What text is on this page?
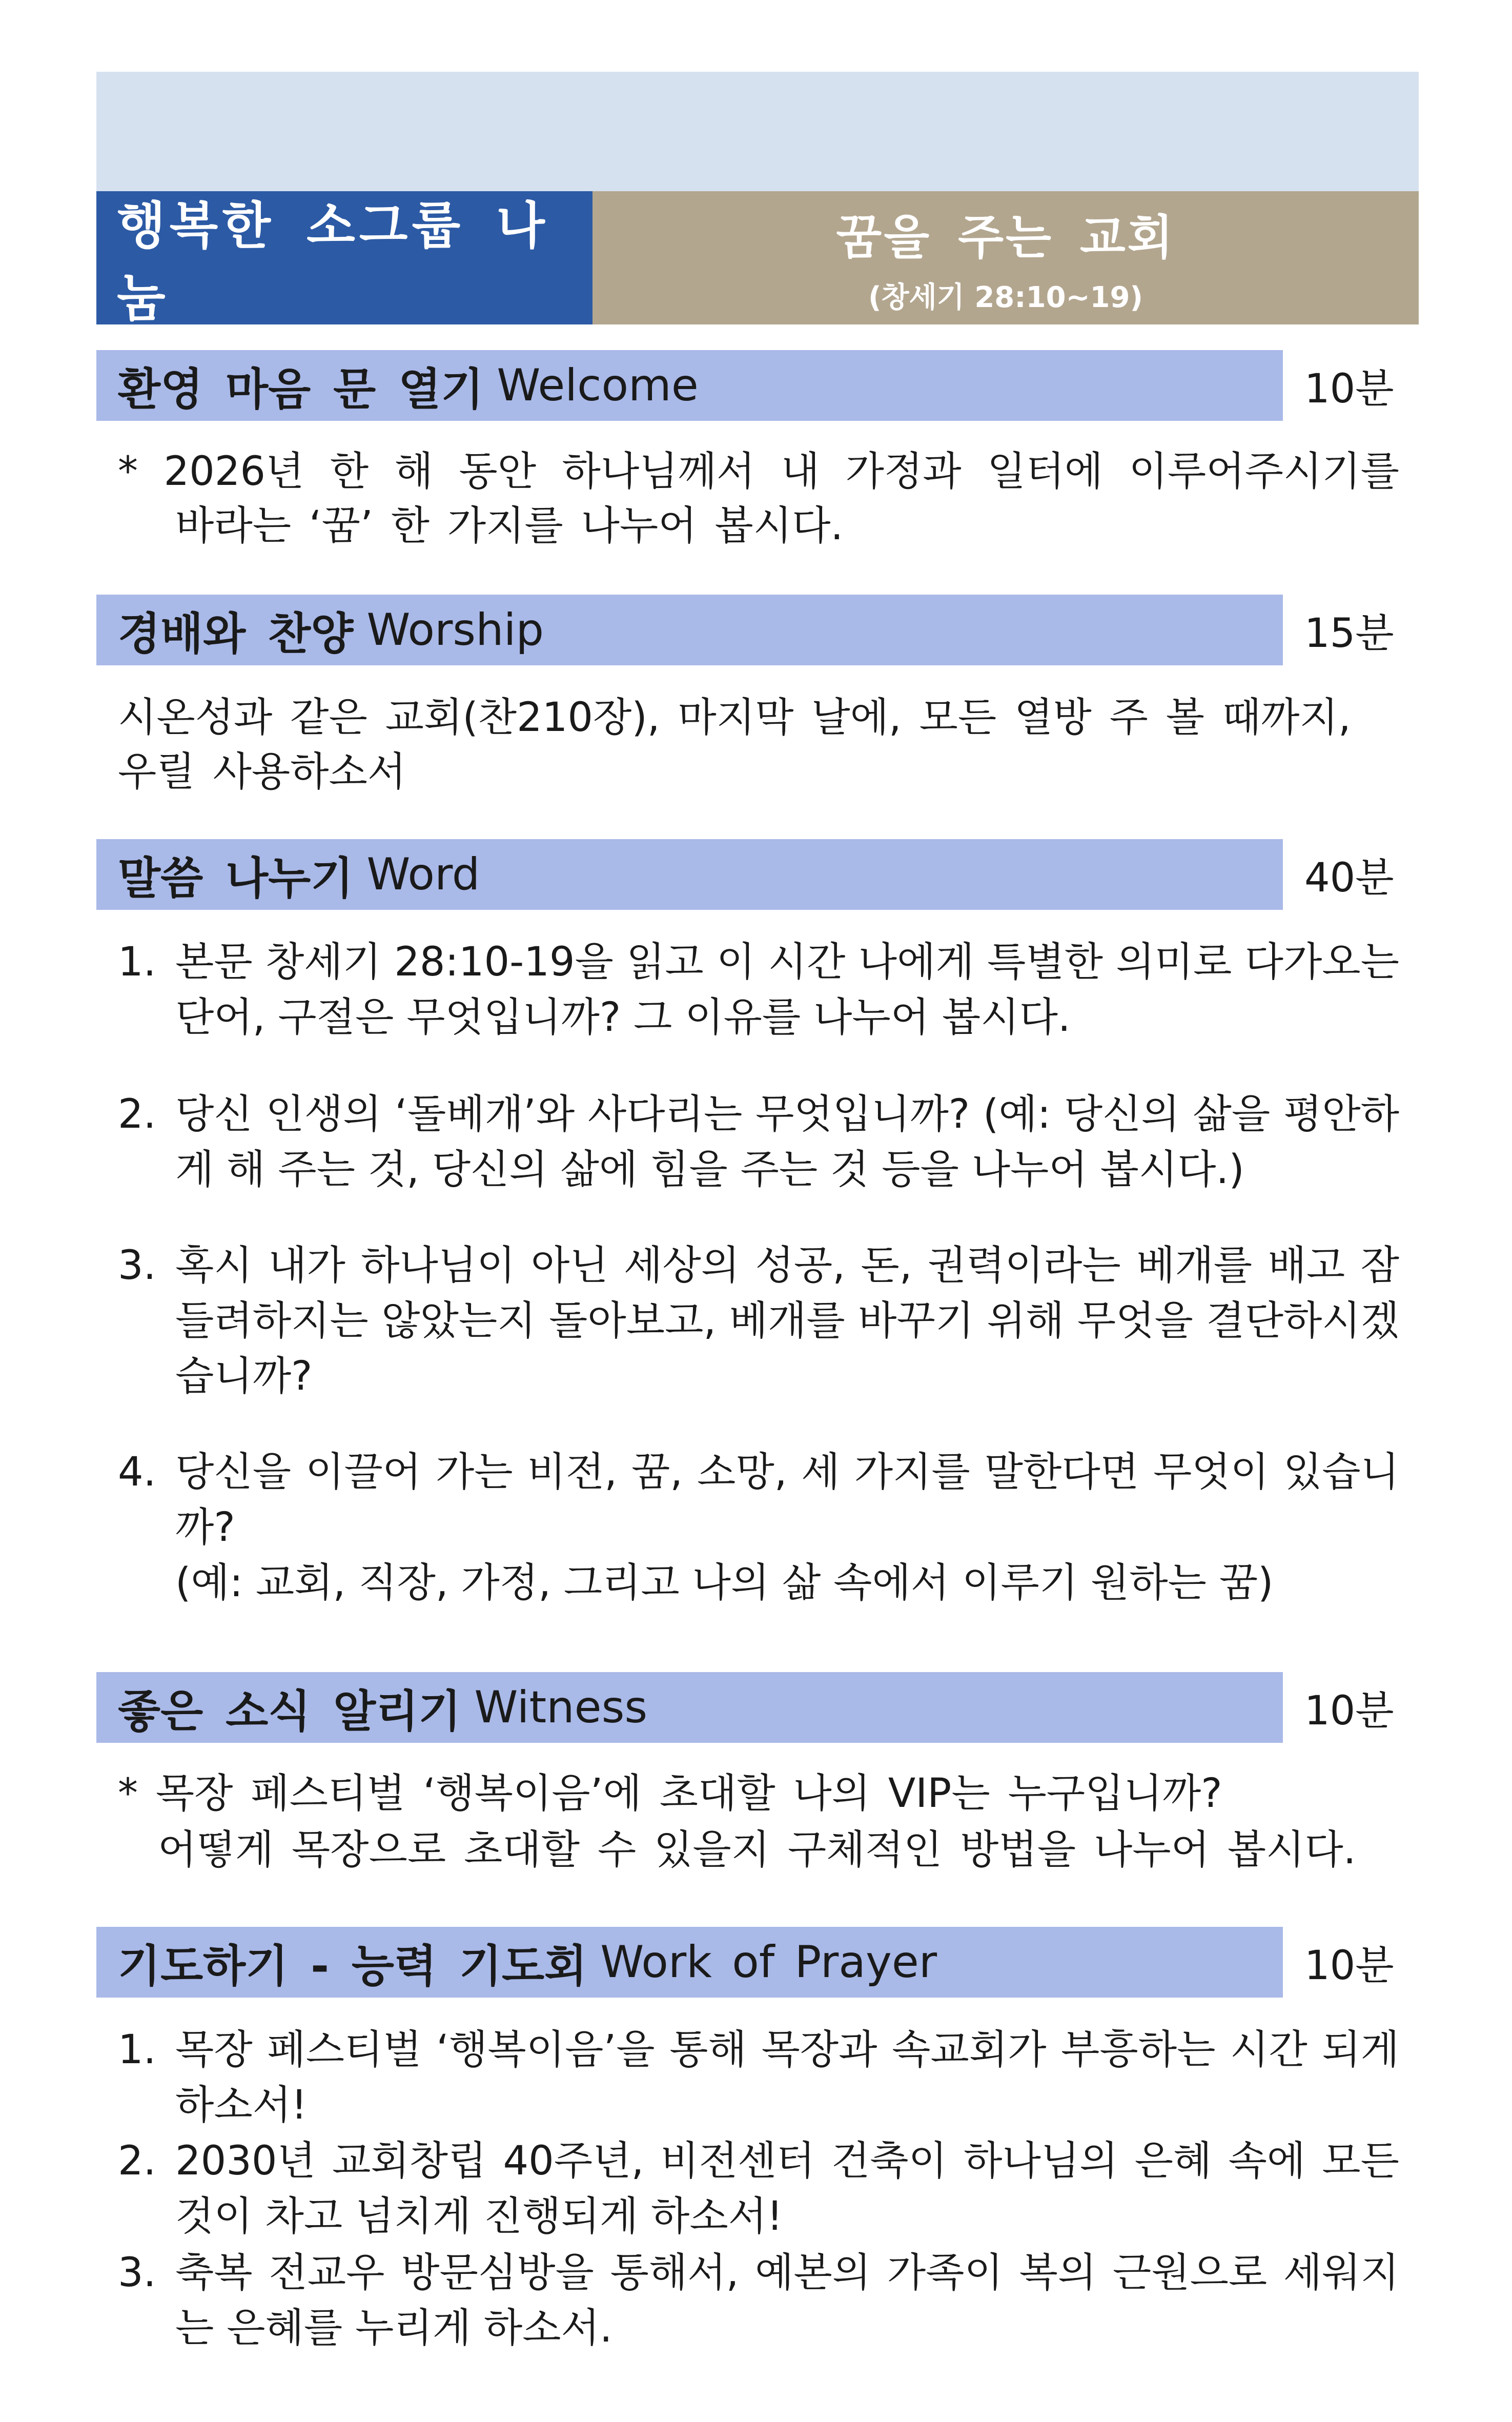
행복한 소그룹 나눔
꿈을 주는 교회
(창세기 28:10~19)
환영 마음 문 열기 Welcome	10분
* 2026년 한 해 동안 하나님께서 내 가정과 일터에 이루어주시기를
바라는 ‘꿈’ 한 가지를 나누어 봅시다.
경배와 찬양 Worship	15분
시온성과 같은 교회(찬210장), 마지막 날에, 모든 열방 주 볼 때까지,
우릴 사용하소서
말씀 나누기 Word	40분
1. 본문 창세기 28:10-19을 읽고 이 시간 나에게 특별한 의미로 다가오는 단어, 구절은 무엇입니까? 그 이유를 나누어 봅시다.
2. 당신 인생의 ‘돌베개’와 사다리는 무엇입니까? (예: 당신의 삶을 평안하게 해 주는 것, 당신의 삶에 힘을 주는 것 등을 나누어 봅시다.)
3. 혹시 내가 하나님이 아닌 세상의 성공, 돈, 권력이라는 베개를 배고 잠들려하지는 않았는지 돌아보고, 베개를 바꾸기 위해 무엇을 결단하시겠습니까?
4. 당신을 이끌어 가는 비전, 꿈, 소망, 세 가지를 말한다면 무엇이 있습니까?
(예: 교회, 직장, 가정, 그리고 나의 삶 속에서 이루기 원하는 꿈)
좋은 소식 알리기 Witness	10분
* 목장 페스티벌 ‘행복이음’에 초대할 나의 VIP는 누구입니까?
어떻게 목장으로 초대할 수 있을지 구체적인 방법을 나누어 봅시다.
기도하기 - 능력 기도회 Work of Prayer	10분
1. 목장 페스티벌 ‘행복이음’을 통해 목장과 속교회가 부흥하는 시간 되게 하소서!
2. 2030년 교회창립 40주년, 비전센터 건축이 하나님의 은혜 속에 모든 것이 차고 넘치게 진행되게 하소서!
3. 축복 전교우 방문심방을 통해서, 예본의 가족이 복의 근원으로 세워지는 은혜를 누리게 하소서.
